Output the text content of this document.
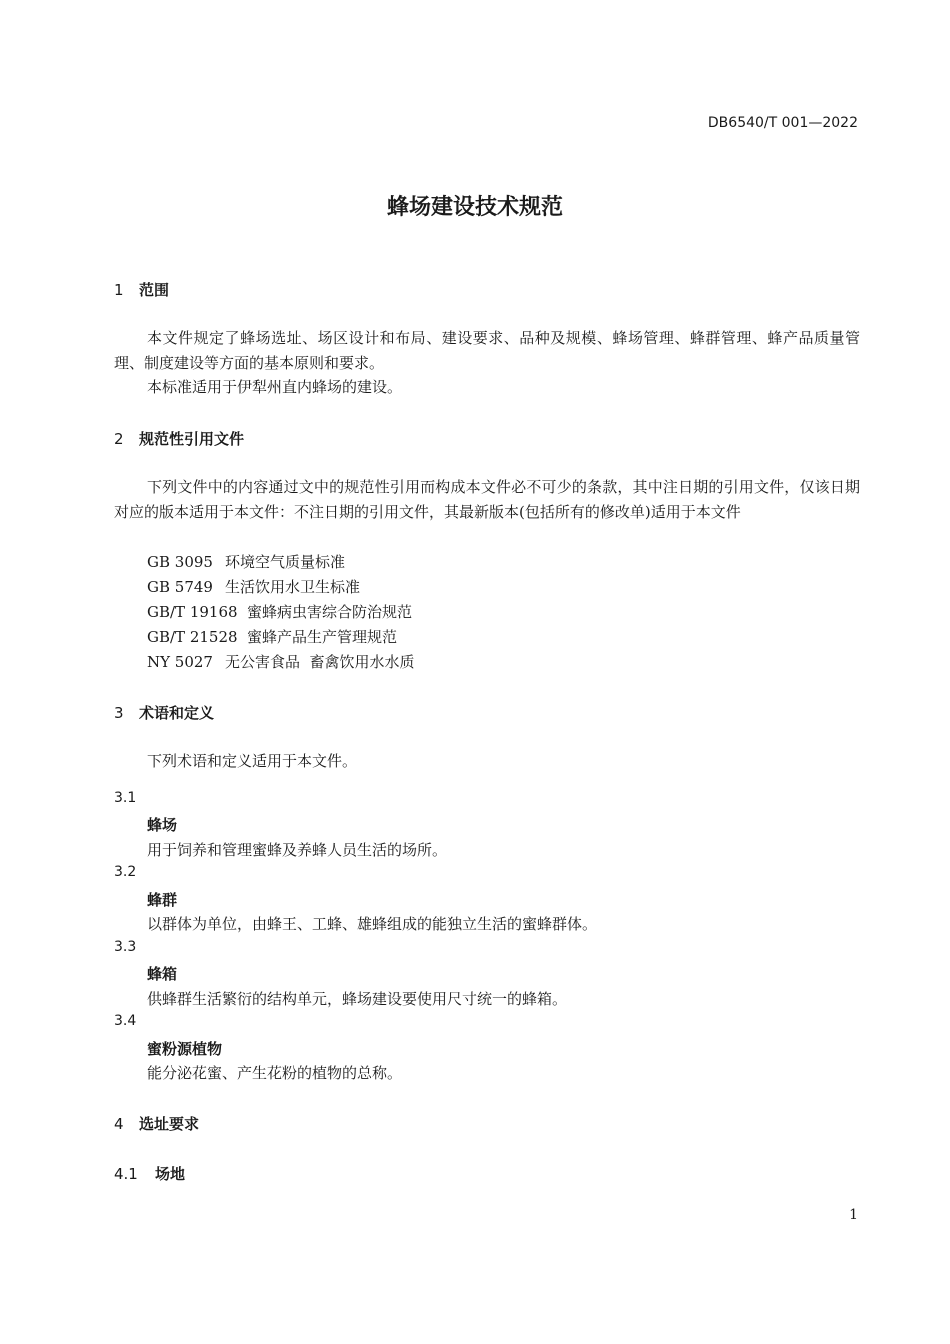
DB6540/T 001—2022
蜂场建设技术规范
1 范围
本文件规定了蜂场选址、场区设计和布局、建设要求、品种及规模、蜂场管理、蜂群管理、蜂产品质量管理、制度建设等方面的基本原则和要求。
本标准适用于伊犁州直内蜂场的建设。
2 规范性引用文件
下列文件中的内容通过文中的规范性引用而构成本文件必不可少的条款，其中注日期的引用文件，仅该日期对应的版本适用于本文件：不注日期的引用文件，其最新版本(包括所有的修改单)适用于本文件
GB 3095 环境空气质量标准
GB 5749 生活饮用水卫生标准
GB/T 19168 蜜蜂病虫害综合防治规范
GB/T 21528 蜜蜂产品生产管理规范
NY 5027 无公害食品  畜禽饮用水水质
3 术语和定义
下列术语和定义适用于本文件。
3.1
蜂场
用于饲养和管理蜜蜂及养蜂人员生活的场所。
3.2
蜂群
以群体为单位，由蜂王、工蜂、雄蜂组成的能独立生活的蜜蜂群体。
3.3
蜂箱
供蜂群生活繁衍的结构单元，蜂场建设要使用尺寸统一的蜂箱。
3.4
蜜粉源植物
能分泌花蜜、产生花粉的植物的总称。
4 选址要求
4.1 场地
1
